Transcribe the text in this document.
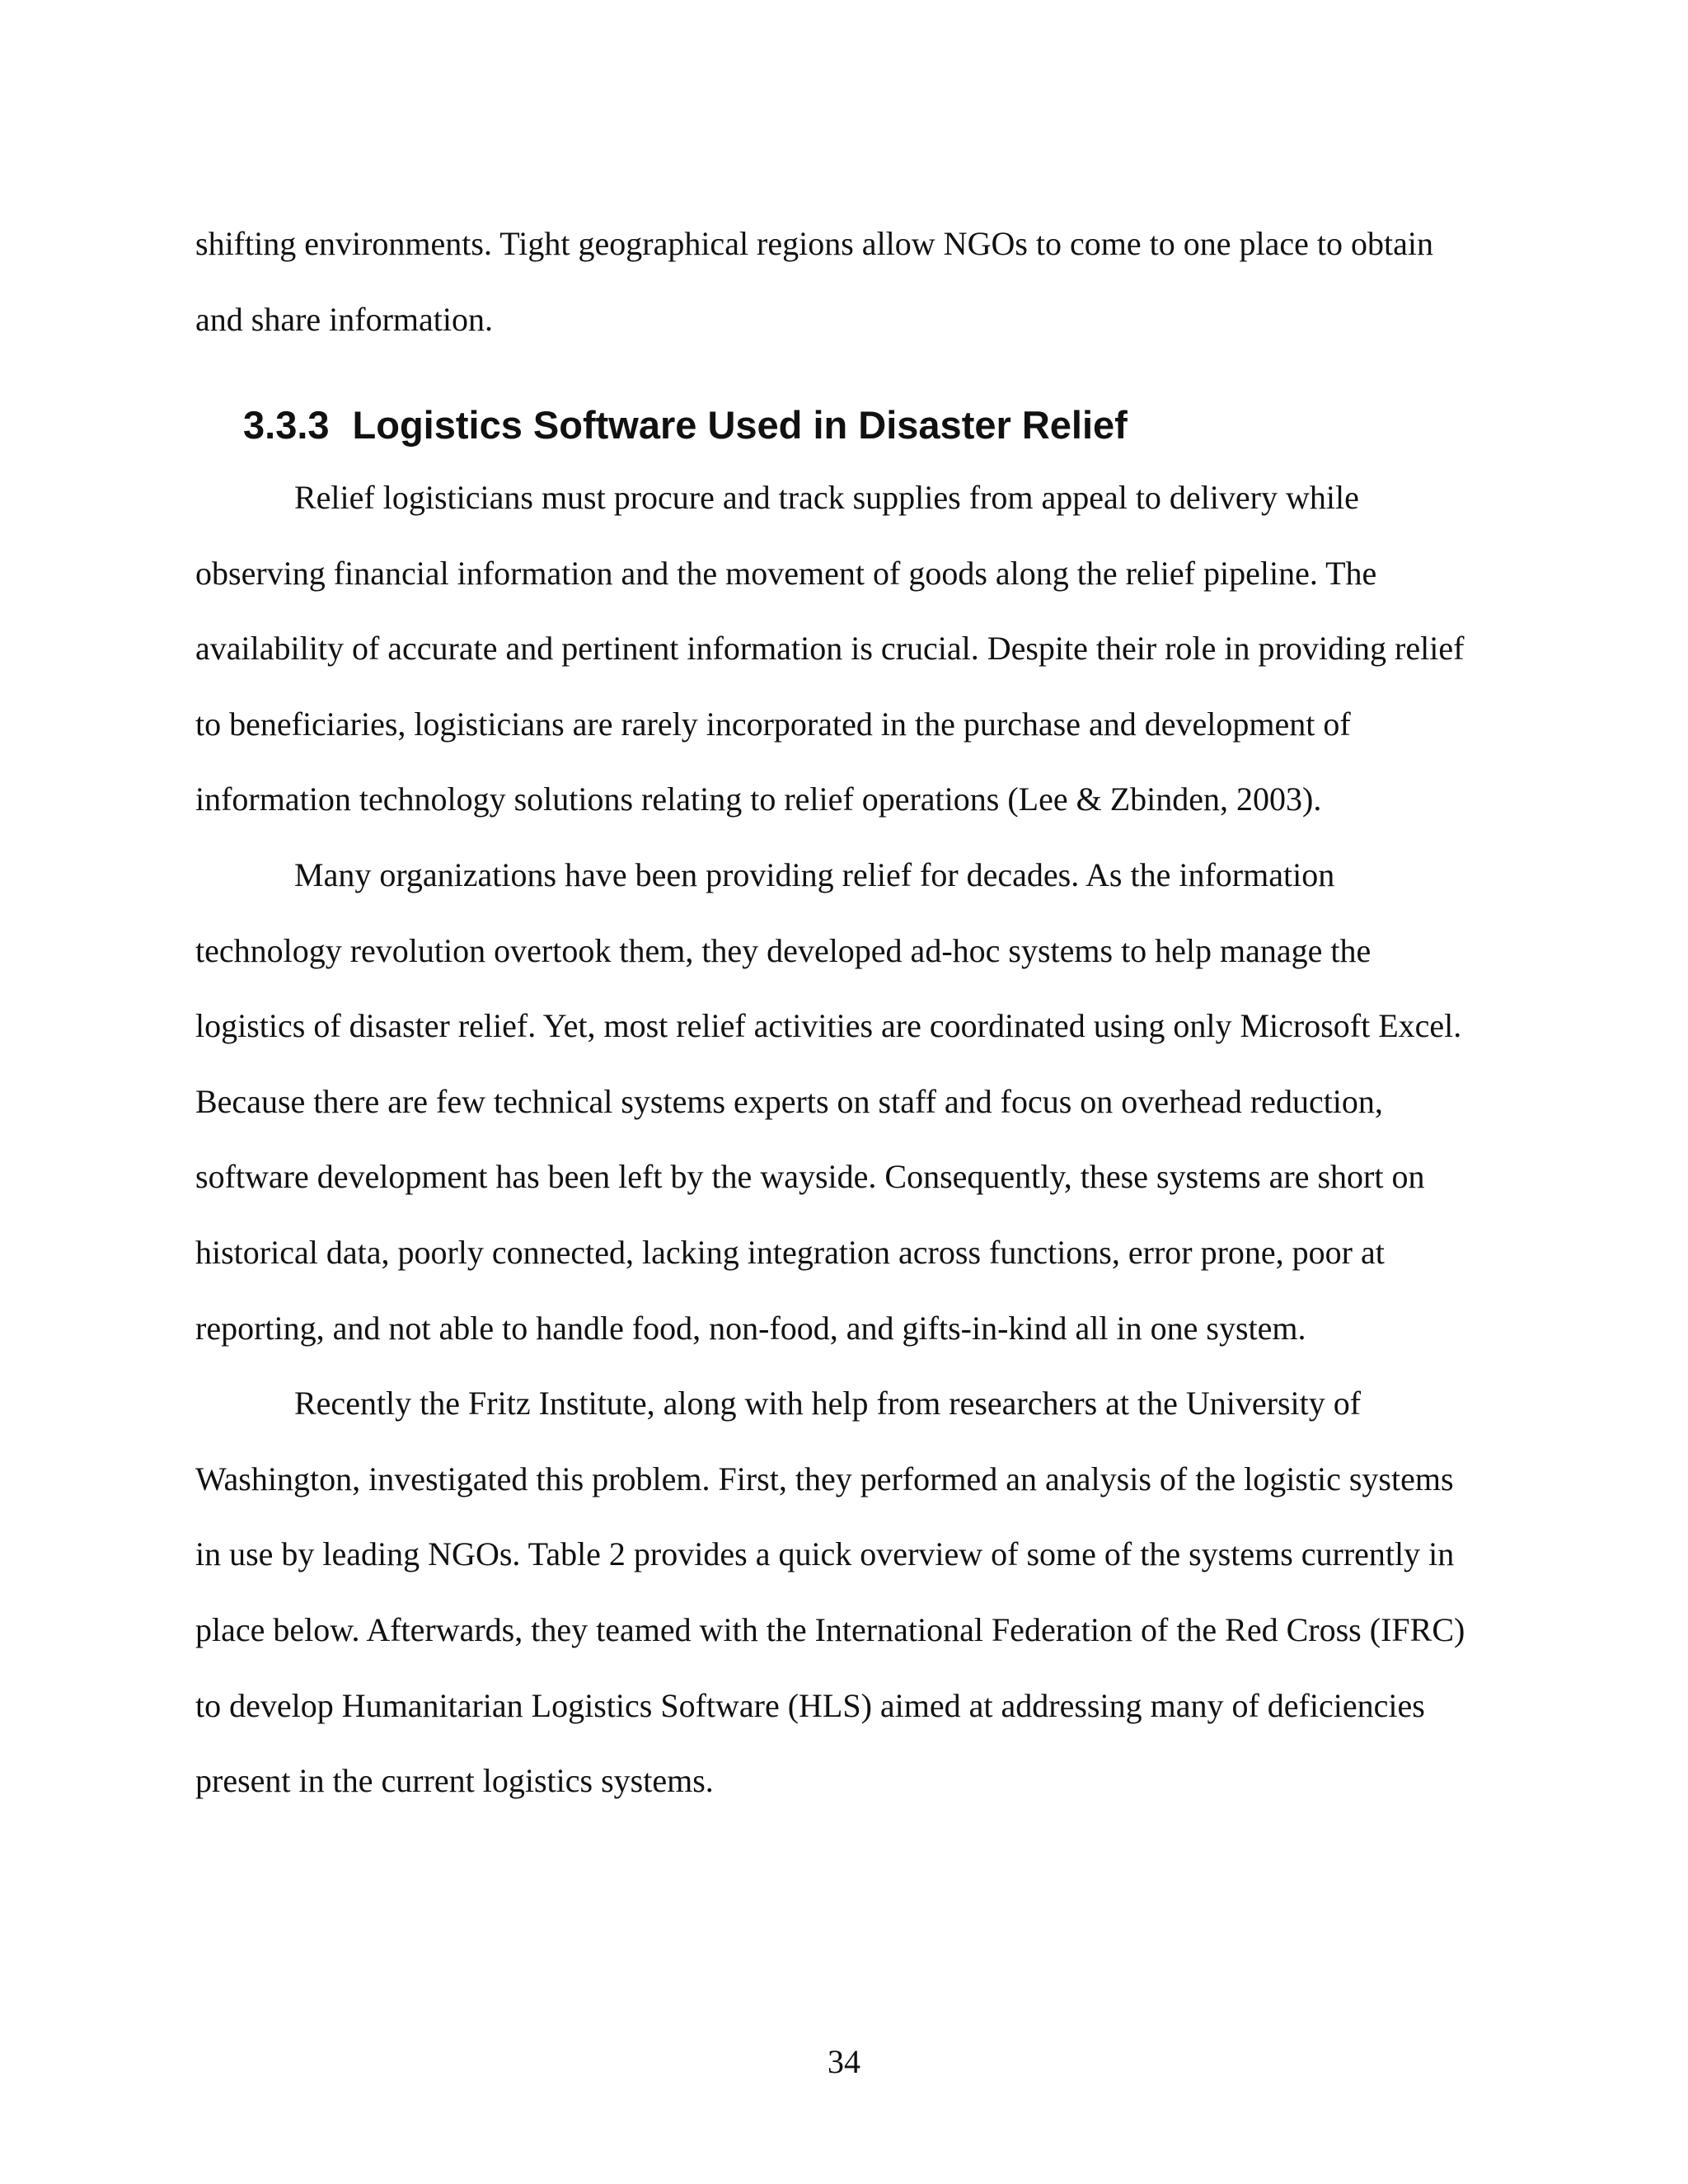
shifting environments. Tight geographical regions allow NGOs to come to one place to obtain
and share information.
3.3.3 Logistics Software Used in Disaster Relief
Relief logisticians must procure and track supplies from appeal to delivery while
observing financial information and the movement of goods along the relief pipeline. The
availability of accurate and pertinent information is crucial. Despite their role in providing relief
to beneficiaries, logisticians are rarely incorporated in the purchase and development of
information technology solutions relating to relief operations (Lee & Zbinden, 2003).
Many organizations have been providing relief for decades. As the information
technology revolution overtook them, they developed ad-hoc systems to help manage the
logistics of disaster relief. Yet, most relief activities are coordinated using only Microsoft Excel.
Because there are few technical systems experts on staff and focus on overhead reduction,
software development has been left by the wayside. Consequently, these systems are short on
historical data, poorly connected, lacking integration across functions, error prone, poor at
reporting, and not able to handle food, non-food, and gifts-in-kind all in one system.
Recently the Fritz Institute, along with help from researchers at the University of
Washington, investigated this problem. First, they performed an analysis of the logistic systems
in use by leading NGOs. Table 2 provides a quick overview of some of the systems currently in
place below. Afterwards, they teamed with the International Federation of the Red Cross (IFRC)
to develop Humanitarian Logistics Software (HLS) aimed at addressing many of deficiencies
present in the current logistics systems.
34
